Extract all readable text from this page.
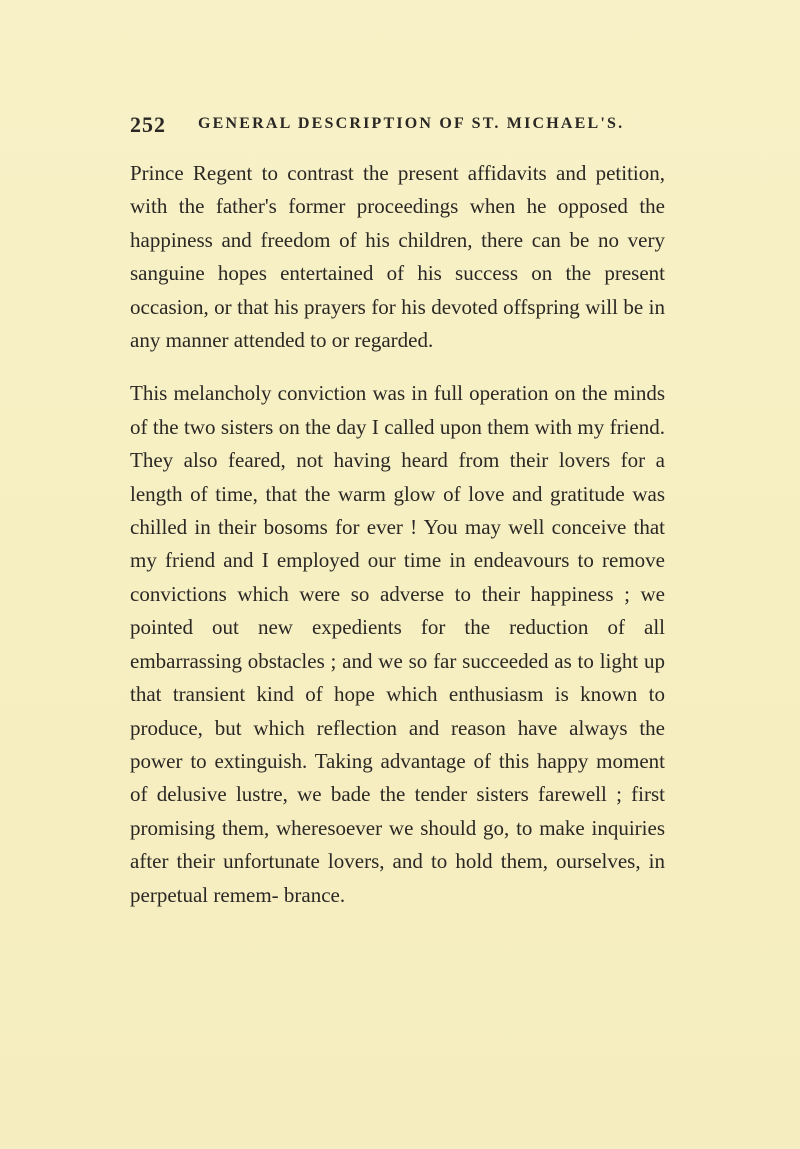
252 GENERAL DESCRIPTION OF ST. MICHAEL'S.

Prince Regent to contrast the present affidavits and petition, with the father's former proceedings when he opposed the happiness and freedom of his children, there can be no very sanguine hopes entertained of his success on the present occasion, or that his prayers for his devoted offspring will be in any manner attended to or regarded.

This melancholy conviction was in full operation on the minds of the two sisters on the day I called upon them with my friend. They also feared, not having heard from their lovers for a length of time, that the warm glow of love and gratitude was chilled in their bosoms for ever ! You may well conceive that my friend and I employed our time in endeavours to remove convictions which were so adverse to their happiness ; we pointed out new expedients for the reduction of all embarrassing obstacles ; and we so far succeeded as to light up that transient kind of hope which enthusiasm is known to produce, but which reflection and reason have always the power to extinguish. Taking advantage of this happy moment of delusive lustre, we bade the tender sisters farewell ; first promising them, wheresoever we should go, to make inquiries after their unfortunate lovers, and to hold them, ourselves, in perpetual remem- brance.
